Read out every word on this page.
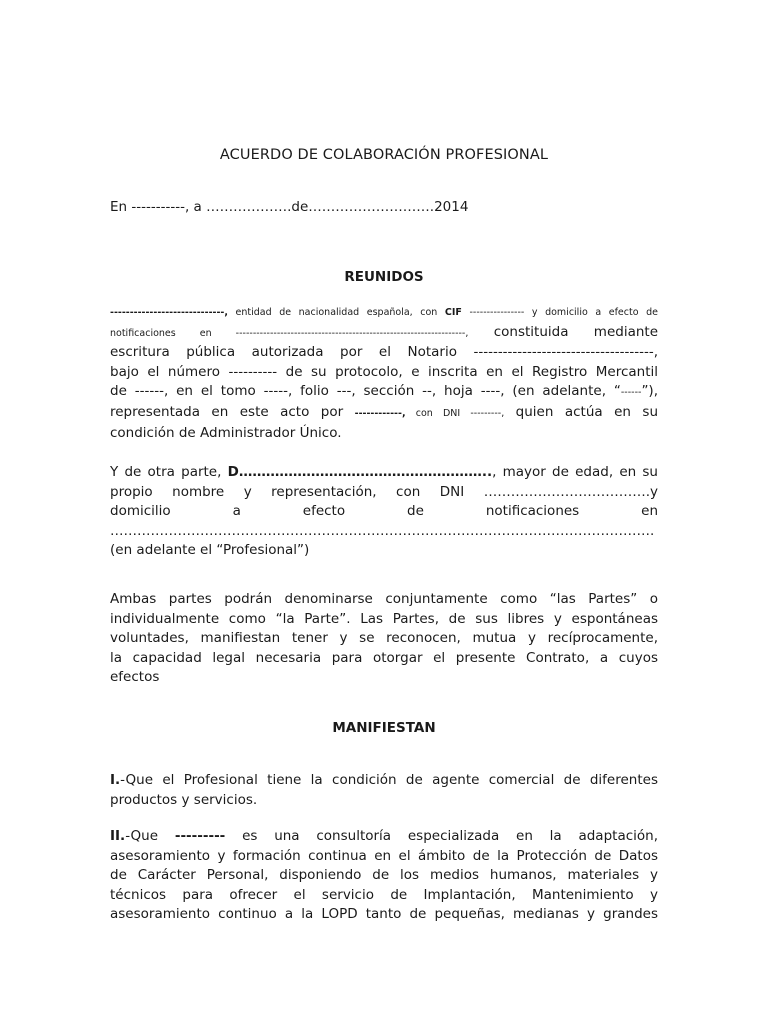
ACUERDO DE COLABORACIÓN PROFESIONAL
En -----------, a ……………….de……………………….2014
REUNIDOS
-----------------------------, entidad de nacionalidad española, con CIF ---------------- y domicilio a efecto de
notificaciones en -------------------------------------------------------------------, constituida mediante
escritura pública autorizada por el Notario -------------------------------------,
bajo el número ---------- de su protocolo, e inscrita en el Registro Mercantil
de ------, en el tomo -----, folio ---, sección --, hoja ----, (en adelante, “------”),
representada en este acto por ------------, con DNI ---------, quien actúa en su
condición de Administrador Único.
Y de otra parte, D……………………………………………….., mayor de edad, en su
propio nombre y representación, con DNI ……………………………….y
domicilio a efecto de notificaciones en
………………………………………………………………………………………………………….
(en adelante el “Profesional”)
Ambas partes podrán denominarse conjuntamente como “las Partes” o
individualmente como “la Parte”. Las Partes, de sus libres y espontáneas
voluntades, manifiestan tener y se reconocen, mutua y recíprocamente,
la capacidad legal necesaria para otorgar el presente Contrato, a cuyos
efectos
MANIFIESTAN
I.-Que el Profesional tiene la condición de agente comercial de diferentes
productos y servicios.
II.-Que --------- es una consultoría especializada en la adaptación,
asesoramiento y formación continua en el ámbito de la Protección de Datos
de Carácter Personal, disponiendo de los medios humanos, materiales y
técnicos para ofrecer el servicio de Implantación, Mantenimiento y
asesoramiento continuo a la LOPD tanto de pequeñas, medianas y grandes
